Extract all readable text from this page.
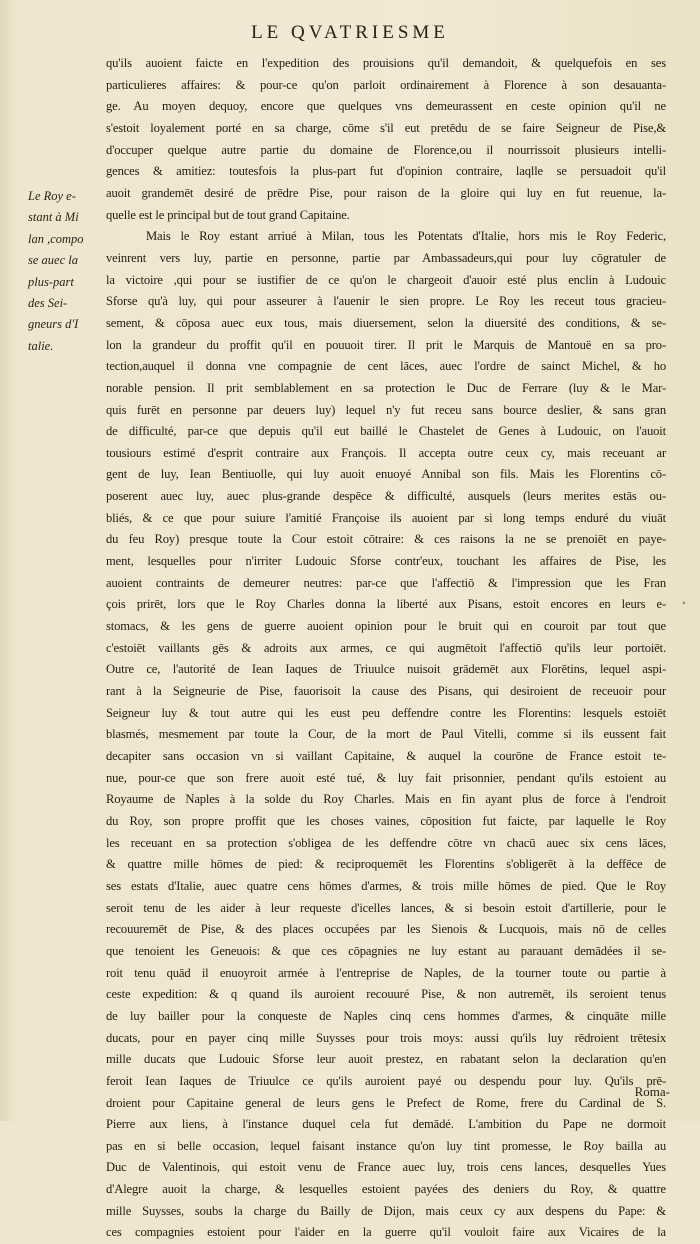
LE QVATRIESME
Le Roy e-
stant à Mi
lan ,compo
se auec la
plus-part
des Sei-
gneurs d'I
talie.
qu'ils auoient faicte en l'expedition des prouisions qu'il demandoit, & quelquefois en ses
particulieres affaires: & pour-ce qu'on parloit ordinairement à Florence à son desauanta-
ge. Au moyen dequoy, encore que quelques vns demeurassent en ceste opinion qu'il ne
s'estoit loyalement porté en sa charge, cōme s'il eut pretēdu de se faire Seigneur de Pise,&
d'occuper quelque autre partie du domaine de Florence,ou il nourrissoit plusieurs intelli-
gences & amitiez: toutesfois la plus-part fut d'opinion contraire, laqlle se persuadoit qu'il
auoit grandemēt desiré de prēdre Pise, pour raison de la gloire qui luy en fut reuenue, la-
quelle est le principal but de tout grand Capitaine.
Mais le Roy estant arriué à Milan, tous les Potentats d'Italie, hors mis le Roy Federic,
veinrent vers luy, partie en personne, partie par Ambassadeurs,qui pour luy cōgratuler de
la victoire ,qui pour se iustifier de ce qu'on le chargeoit d'auoir esté plus enclin à Ludouic
Sforse qu'à luy, qui pour asseurer à l'auenir le sien propre. Le Roy les receut tous gracieu-
sement, & cōposa auec eux tous, mais diuersement, selon la diuersité des conditions, & se-
lon la grandeur du proffit qu'il en pouuoit tirer. Il prit le Marquis de Mantouë en sa pro-
tection,auquel il donna vne compagnie de cent lāces, auec l'ordre de sainct Michel, & ho
norable pension. Il prit semblablement en sa protection le Duc de Ferrare (luy & le Mar-
quis furēt en personne par deuers luy) lequel n'y fut receu sans bource deslier, & sans gran
de difficulté, par-ce que depuis qu'il eut baillé le Chastelet de Genes à Ludouic, on l'auoit
tousiours estimé d'esprit contraire aux François. Il accepta outre ceux cy, mais receuant ar
gent de luy, Iean Bentiuolle, qui luy auoit enuoyé Annibal son fils. Mais les Florentins cō-
poserent auec luy, auec plus-grande despēce & difficulté, ausquels (leurs merites estās ou-
bliés, & ce que pour suiure l'amitié Françoise ils auoient par si long temps enduré du viuāt
du feu Roy) presque toute la Cour estoit cōtraire: & ces raisons la ne se prenoiēt en paye-
ment, lesquelles pour n'irriter Ludouic Sforse contr'eux, touchant les affaires de Pise, les
auoient contraints de demeurer neutres: par-ce que l'affectiō & l'impression que les Fran
çois prirēt, lors que le Roy Charles donna la liberté aux Pisans, estoit encores en leurs e-
stomacs, & les gens de guerre auoient opinion pour le bruit qui en couroit par tout que
c'estoiēt vaillants gēs & adroits aux armes, ce qui augmētoit l'affectiō qu'ils leur portoiēt.
Outre ce, l'autorité de Iean Iaques de Triuulce nuisoit grādemēt aux Florētins, lequel aspi-
rant à la Seigneurie de Pise, fauorisoit la cause des Pisans, qui desiroient de receuoir pour
Seigneur luy & tout autre qui les eust peu deffendre contre les Florentins: lesquels estoiēt
blasmés, mesmement par toute la Cour, de la mort de Paul Vitelli, comme si ils eussent fait
decapiter sans occasion vn si vaillant Capitaine, & auquel la courōne de France estoit te-
nue, pour-ce que son frere auoit esté tué, & luy fait prisonnier, pendant qu'ils estoient au
Royaume de Naples à la solde du Roy Charles. Mais en fin ayant plus de force à l'endroit
du Roy, son propre proffit que les choses vaines, cōposition fut faicte, par laquelle le Roy
les receuant en sa protection s'obligea de les deffendre cōtre vn chacū auec six cens lāces,
& quattre mille hōmes de pied: & reciproquemēt les Florentins s'obligerēt à la deffēce de
ses estats d'Italie, auec quatre cens hōmes d'armes, & trois mille hōmes de pied. Que le Roy
seroit tenu de les aider à leur requeste d'icelles lances, & si besoin estoit d'artillerie, pour le
recouuremēt de Pise, & des places occupées par les Sienois & Lucquois, mais nō de celles
que tenoient les Geneuois: & que ces cōpagnies ne luy estant au parauant demādées il se-
roit tenu quād il enuoyroit armée à l'entreprise de Naples, de la tourner toute ou partie à
ceste expedition: & q quand ils auroient recouuré Pise, & non autremēt, ils seroient tenus
de luy bailler pour la conqueste de Naples cinq cens hommes d'armes, & cinquāte mille
ducats, pour en payer cinq mille Suysses pour trois moys: aussi qu'ils luy rēdroient trētesix
mille ducats que Ludouic Sforse leur auoit prestez, en rabatant selon la declaration qu'en
feroit Iean Iaques de Triuulce ce qu'ils auroient payé ou despendu pour luy. Qu'ils prē-
droient pour Capitaine general de leurs gens le Prefect de Rome, frere du Cardinal de S.
Pierre aux liens, à l'instance duquel cela fut demādé. L'ambition du Pape ne dormoit
pas en si belle occasion, lequel faisant instance qu'on luy tint promesse, le Roy bailla au
Duc de Valentinois, qui estoit venu de France auec luy, trois cens lances, desquelles Yues
d'Alegre auoit la charge, & lesquelles estoient payées des deniers du Roy, & quattre
mille Suysses, soubs la charge du Bailly de Dijon, mais ceux cy aux despens du Pape: &
ces compagnies estoient pour l'aider en la guerre qu'il vouloit faire aux Vicaires de la
Roma-
•
